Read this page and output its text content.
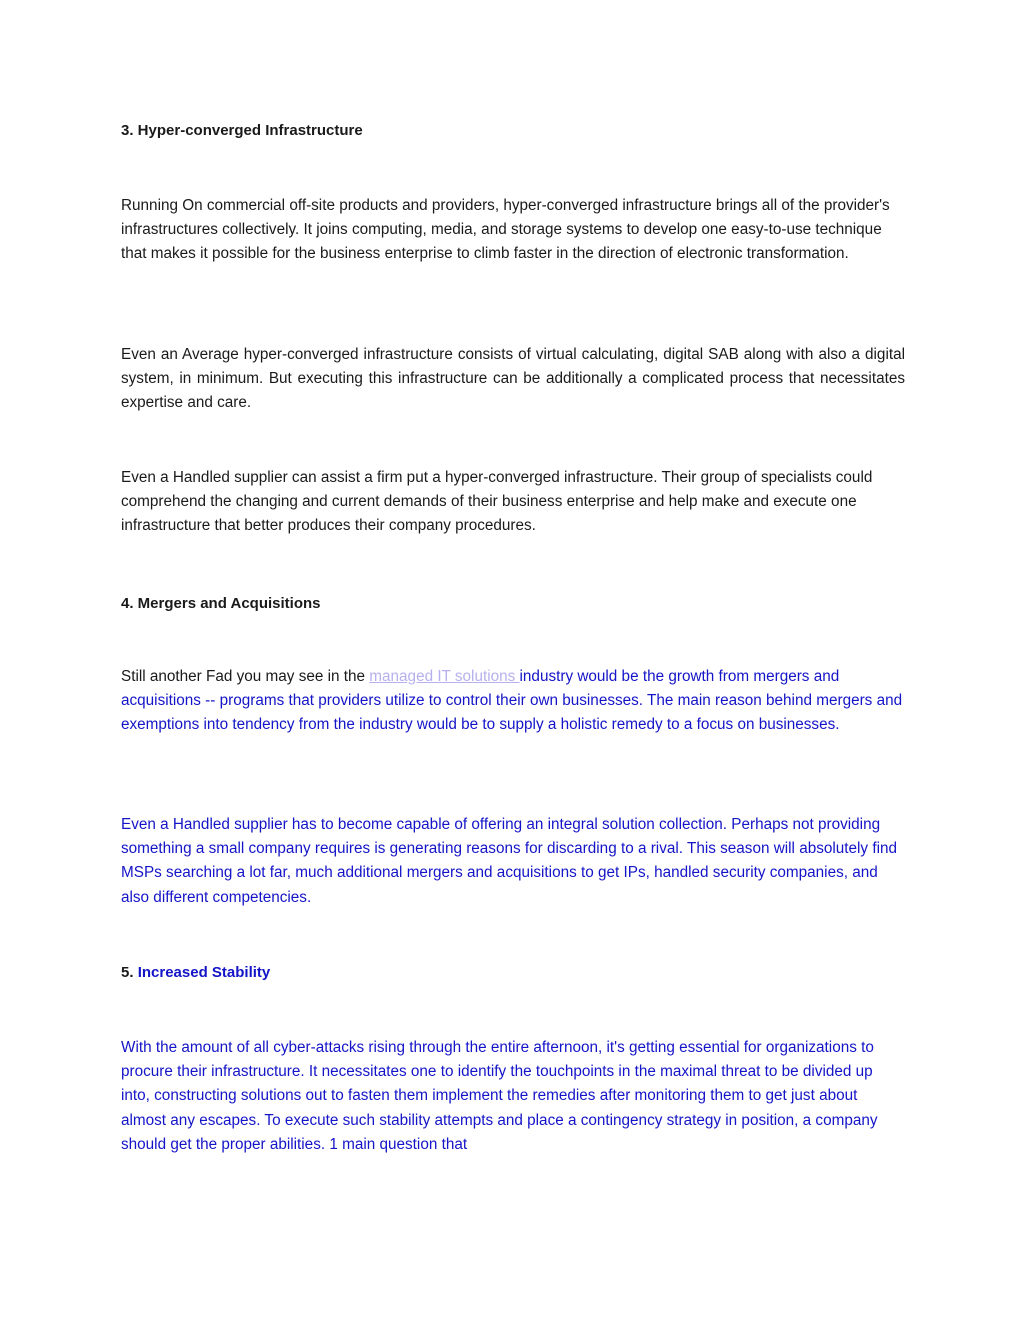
3. Hyper-converged Infrastructure

Running On commercial off-site products and providers, hyper-converged infrastructure brings all of the provider's infrastructures collectively. It joins computing, media, and storage systems to develop one easy-to-use technique that makes it possible for the business enterprise to climb faster in the direction of electronic transformation.

Even an Average hyper-converged infrastructure consists of virtual calculating, digital SAB along with also a digital system, in minimum. But executing this infrastructure can be additionally a complicated process that necessitates expertise and care.

Even a Handled supplier can assist a firm put a hyper-converged infrastructure. Their group of specialists could comprehend the changing and current demands of their business enterprise and help make and execute one infrastructure that better produces their company procedures.

4. Mergers and Acquisitions

Still another Fad you may see in the managed IT solutions industry would be the growth from mergers and acquisitions -- programs that providers utilize to control their own businesses. The main reason behind mergers and exemptions into tendency from the industry would be to supply a holistic remedy to a focus on businesses.

Even a Handled supplier has to become capable of offering an integral solution collection. Perhaps not providing something a small company requires is generating reasons for discarding to a rival. This season will absolutely find MSPs searching a lot far, much additional mergers and acquisitions to get IPs, handled security companies, and also different competencies.

5. Increased Stability

With the amount of all cyber-attacks rising through the entire afternoon, it's getting essential for organizations to procure their infrastructure. It necessitates one to identify the touchpoints in the maximal threat to be divided up into, constructing solutions out to fasten them implement the remedies after monitoring them to get just about almost any escapes. To execute such stability attempts and place a contingency strategy in position, a company should get the proper abilities. 1 main question that
